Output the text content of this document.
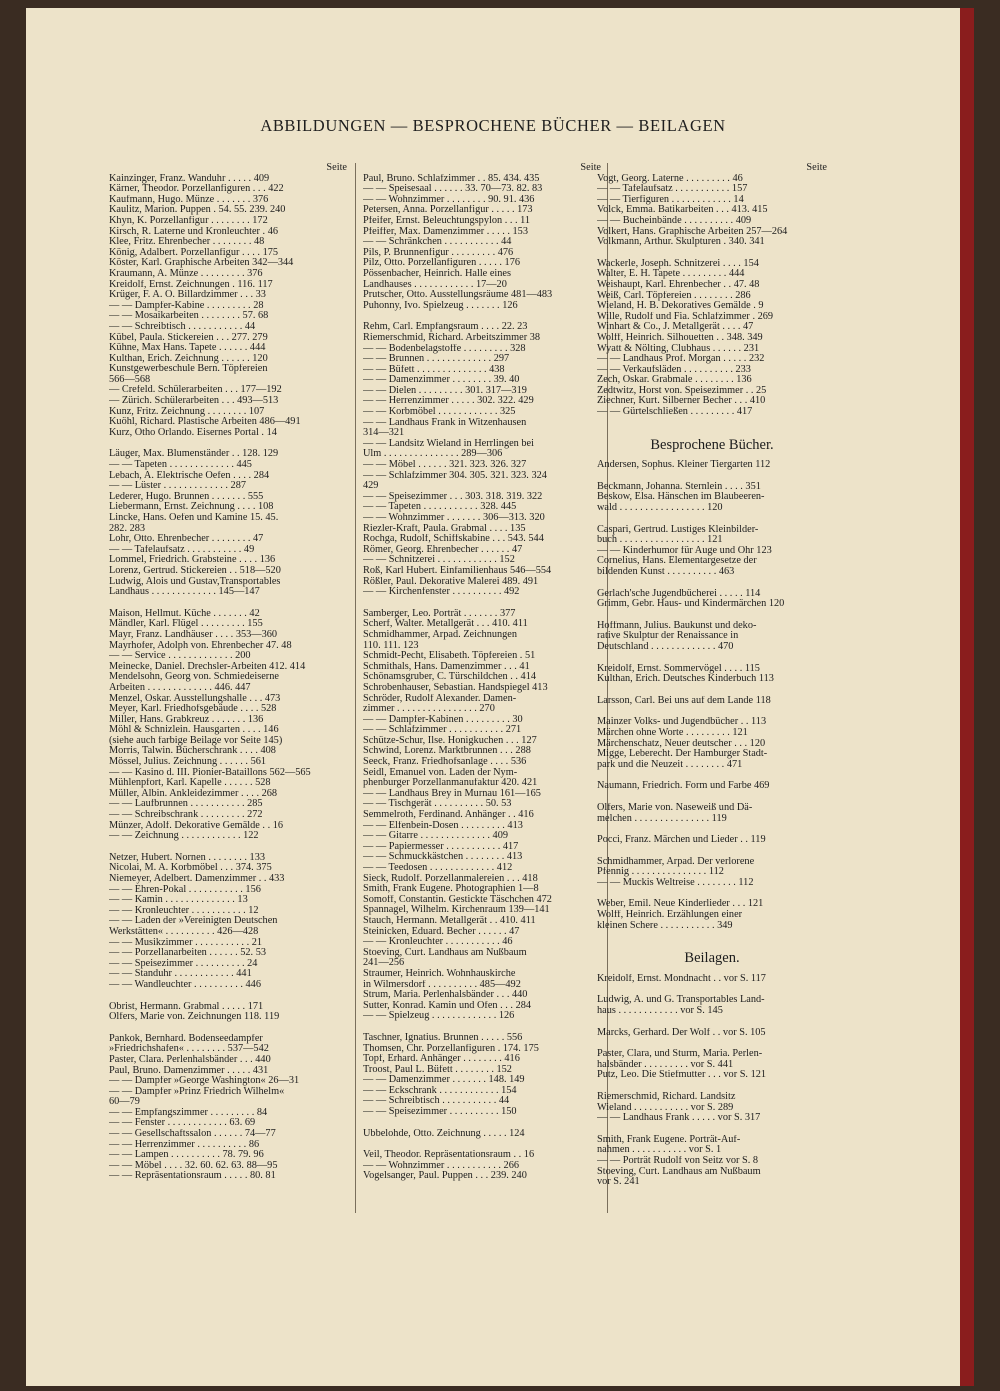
ABBILDUNGEN — BESPROCHENE BÜCHER — BEILAGEN
Seite
Kainzinger, Franz. Wanduhr . . . . . 409
Kärner, Theodor. Porzellanfiguren . . . 422
Kaufmann, Hugo. Münze . . . . . . . 376
Kaulitz, Marion. Puppen . 54. 55. 239. 240
Khyn, K. Porzellanfigur . . . . . . . . 172
Kirsch, R. Laterne und Kronleuchter . 46
Klee, Fritz. Ehrenbecher . . . . . . . . 48
König, Adalbert. Porzellanfigur . . . . 175
Köster, Karl. Graphische Arbeiten 342—344
Kraumann, A. Münze . . . . . . . . . 376
Kreidolf, Ernst. Zeichnungen . 116. 117
Krüger, F. A. O. Billardzimmer . . . 33
— — Dampfer-Kabine . . . . . . . . . 28
— — Mosaikarbeiten . . . . . . . . 57. 68
— — Schreibtisch . . . . . . . . . . . 44
Kübel, Paula. Stickereien . . . 277. 279
Kühne, Max Hans. Tapete . . . . . . 444
Kulthan, Erich. Zeichnung . . . . . . 120
Kunstgewerbeschule Bern. Töpfereien
566—568
— Crefeld. Schülerarbeiten . . . 177—192
— Zürich. Schülerarbeiten . . . 493—513
Kunz, Fritz. Zeichnung . . . . . . . . 107
Kuöhl, Richard. Plastische Arbeiten 486—491
Kurz, Otho Orlando. Eisernes Portal . 14
Läuger, Max. Blumenständer . . 128. 129
— — Tapeten . . . . . . . . . . . . . 445
Lebach, A. Elektrische Oefen . . . . 284
— — Lüster . . . . . . . . . . . . . 287
Lederer, Hugo. Brunnen . . . . . . . 555
Liebermann, Ernst. Zeichnung . . . . 108
Lincke, Hans. Oefen und Kamine 15. 45.
282. 283
Lohr, Otto. Ehrenbecher . . . . . . . . 47
— — Tafelaufsatz . . . . . . . . . . . 49
Lommel, Friedrich. Grabsteine . . . . 136
Lorenz, Gertrud. Stickereien . . 518—520
Ludwig, Alois und Gustav,Transportables
Landhaus . . . . . . . . . . . . . 145—147
Maison, Hellmut. Küche . . . . . . . 42
Mändler, Karl. Flügel . . . . . . . . . 155
Mayr, Franz. Landhäuser . . . . 353—360
Mayrhofer, Adolph von. Ehrenbecher 47. 48
— — Service . . . . . . . . . . . . . 200
Meinecke, Daniel. Drechsler-Arbeiten 412. 414
Mendelsohn, Georg von. Schmiedeiserne
Arbeiten . . . . . . . . . . . . . 446. 447
Menzel, Oskar. Ausstellungshalle . . . 473
Meyer, Karl. Friedhofsgebäude . . . . 528
Miller, Hans. Grabkreuz . . . . . . . 136
Möhl & Schnizlein. Hausgarten . . . . 146
(siehe auch farbige Beilage vor Seite 145)
Morris, Talwin. Bücherschrank . . . . 408
Mössel, Julius. Zeichnung . . . . . . 561
— — Kasino d. III. Pionier-Bataillons 562—565
Mühlenpfort, Karl. Kapelle . . . . . . 528
Müller, Albin. Ankleidezimmer . . . . 268
— — Laufbrunnen . . . . . . . . . . . 285
— — Schreibschrank . . . . . . . . . 272
Münzer, Adolf. Dekorative Gemälde . . 16
— — Zeichnung . . . . . . . . . . . . 122
Netzer, Hubert. Nornen . . . . . . . . 133
Nicolai, M. A. Korbmöbel . . . 374. 375
Niemeyer, Adelbert. Damenzimmer . . 433
— — Ehren-Pokal . . . . . . . . . . . 156
— — Kamin . . . . . . . . . . . . . . 13
— — Kronleuchter . . . . . . . . . . . 12
— — Laden der »Vereinigten Deutschen
Werkstätten« . . . . . . . . . . 426—428
— — Musikzimmer . . . . . . . . . . . 21
— — Porzellanarbeiten . . . . . . 52. 53
— — Speisezimmer . . . . . . . . . . 24
— — Standuhr . . . . . . . . . . . . 441
— — Wandleuchter . . . . . . . . . . 446
Obrist, Hermann. Grabmal . . . . . 171
Olfers, Marie von. Zeichnungen 118. 119
Pankok, Bernhard. Bodenseedampfer
»Friedrichshafen« . . . . . . . . 537—542
Paster, Clara. Perlenhalsbänder . . . 440
Paul, Bruno. Damenzimmer . . . . . 431
— — Dampfer »George Washington« 26—31
— — Dampfer »Prinz Friedrich Wilhelm«
60—79
— — Empfangszimmer . . . . . . . . . 84
— — Fenster . . . . . . . . . . . . 63. 69
— — Gesellschaftssalon . . . . . . 74—77
— — Herrenzimmer . . . . . . . . . . 86
— — Lampen . . . . . . . . . . 78. 79. 96
— — Möbel . . . . 32. 60. 62. 63. 88—95
— — Repräsentationsraum . . . . . 80. 81
Seite
Paul, Bruno. Schlafzimmer . . 85. 434. 435
— — Speisesaal . . . . . . 33. 70—73. 82. 83
— — Wohnzimmer . . . . . . . . 90. 91. 436
Petersen, Anna. Porzellanfigur . . . . . 173
Pfeifer, Ernst. Beleuchtungspylon . . . 11
Pfeiffer, Max. Damenzimmer . . . . . 153
— — Schränkchen . . . . . . . . . . . 44
Pils, P. Brunnenfigur . . . . . . . . . 476
Pilz, Otto. Porzellanfiguren . . . . . 176
Pössenbacher, Heinrich. Halle eines
Landhauses . . . . . . . . . . . . 17—20
Prutscher, Otto. Ausstellungsräume 481—483
Puhonny, Ivo. Spielzeug . . . . . . . 126
Rehm, Carl. Empfangsraum . . . . 22. 23
Riemerschmid, Richard. Arbeitszimmer 38
— — Bodenbelagstoffe . . . . . . . . . 328
— — Brunnen . . . . . . . . . . . . . 297
— — Büfett . . . . . . . . . . . . . . 438
— — Damenzimmer . . . . . . . . 39. 40
— — Dielen . . . . . . . . . 301. 317—319
— — Herrenzimmer . . . . . 302. 322. 429
— — Korbmöbel . . . . . . . . . . . . 325
— — Landhaus Frank in Witzenhausen
314—321
— — Landsitz Wieland in Herrlingen bei
Ulm . . . . . . . . . . . . . . . 289—306
— — Möbel . . . . . . 321. 323. 326. 327
— — Schlafzimmer 304. 305. 321. 323. 324
429
— — Speisezimmer . . . 303. 318. 319. 322
— — Tapeten . . . . . . . . . . . 328. 445
— — Wohnzimmer . . . . . . . 306—313. 320
Riezler-Kraft, Paula. Grabmal . . . . 135
Rochga, Rudolf, Schiffskabine . . . 543. 544
Römer, Georg. Ehrenbecher . . . . . . 47
— — Schnitzerei . . . . . . . . . . . . 152
Roß, Karl Hubert. Einfamilienhaus 546—554
Rößler, Paul. Dekorative Malerei 489. 491
— — Kirchenfenster . . . . . . . . . . 492
Samberger, Leo. Porträt . . . . . . . 377
Scherf, Walter. Metallgerät . . . 410. 411
Schmidhammer, Arpad. Zeichnungen
110. 111. 123
Schmidt-Pecht, Elisabeth. Töpfereien . 51
Schmithals, Hans. Damenzimmer . . . 41
Schönamsgruber, C. Türschildchen . . 414
Schrobenhauser, Sebastian. Handspiegel 413
Schröder, Rudolf Alexander. Damen-
zimmer . . . . . . . . . . . . . . . . 270
— — Dampfer-Kabinen . . . . . . . . . 30
— — Schlafzimmer . . . . . . . . . . . 271
Schütze-Schur, Ilse. Honigkuchen . . . 127
Schwind, Lorenz. Marktbrunnen . . . 288
Seeck, Franz. Friedhofsanlage . . . . 536
Seidl, Emanuel von. Laden der Nym-
phenburger Porzellanmanufaktur 420. 421
— — Landhaus Brey in Murnau 161—165
— — Tischgerät . . . . . . . . . . 50. 53
Semmelroth, Ferdinand. Anhänger . . 416
— — Elfenbein-Dosen . . . . . . . . . 413
— — Gitarre . . . . . . . . . . . . . . 409
— — Papiermesser . . . . . . . . . . . 417
— — Schmuckkästchen . . . . . . . . 413
— — Teedosen . . . . . . . . . . . . . 412
Sieck, Rudolf. Porzellanmalereien . . . 418
Smith, Frank Eugene. Photographien 1—8
Somoff, Constantin. Gestickte Täschchen 472
Spannagel, Wilhelm. Kirchenraum 139—141
Stauch, Hermann. Metallgerät . . 410. 411
Steinicken, Eduard. Becher . . . . . . 47
— — Kronleuchter . . . . . . . . . . . 46
Stoeving, Curt. Landhaus am Nußbaum
241—256
Straumer, Heinrich. Wohnhauskirche
in Wilmersdorf . . . . . . . . . . 485—492
Strum, Maria. Perlenhalsbänder . . . 440
Sutter, Konrad. Kamin und Ofen . . . 284
— — Spielzeug . . . . . . . . . . . . . 126
Taschner, Ignatius. Brunnen . . . . . 556
Thomsen, Chr. Porzellanfiguren . 174. 175
Topf, Erhard. Anhänger . . . . . . . . 416
Troost, Paul L. Büfett . . . . . . . . 152
— — Damenzimmer . . . . . . . 148. 149
— — Eckschrank . . . . . . . . . . . . 154
— — Schreibtisch . . . . . . . . . . . 44
— — Speisezimmer . . . . . . . . . . 150
Ubbelohde, Otto. Zeichnung . . . . . 124
Veil, Theodor. Repräsentationsraum . . 16
— — Wohnzimmer . . . . . . . . . . . 266
Vogelsanger, Paul. Puppen . . . 239. 240
Seite
Vogt, Georg. Laterne . . . . . . . . . 46
— — Tafelaufsatz . . . . . . . . . . . 157
— — Tierfiguren . . . . . . . . . . . . 14
Volck, Emma. Batikarbeiten . . . 413. 415
— — Bucheinbände . . . . . . . . . . 409
Volkert, Hans. Graphische Arbeiten 257—264
Volkmann, Arthur. Skulpturen . 340. 341
Wackerle, Joseph. Schnitzerei . . . . 154
Walter, E. H. Tapete . . . . . . . . . 444
Weishaupt, Karl. Ehrenbecher . . 47. 48
Weiß, Carl. Töpfereien . . . . . . . . 286
Wieland, H. B. Dekoratives Gemälde . 9
Wille, Rudolf und Fia. Schlafzimmer . 269
Winhart & Co., J. Metallgerät . . . . 47
Wolff, Heinrich. Silhouetten . . 348. 349
Wyatt & Nölting, Clubhaus . . . . . . 231
— — Landhaus Prof. Morgan . . . . . 232
— — Verkaufsläden . . . . . . . . . . 233
Zech, Oskar. Grabmale . . . . . . . . 136
Zedtwitz, Horst von. Speisezimmer . . 25
Ziechner, Kurt. Silberner Becher . . . 410
— — Gürtelschließen . . . . . . . . . 417
Besprochene Bücher.
Andersen, Sophus. Kleiner Tiergarten 112
Beckmann, Johanna. Sternlein . . . . 351
Beskow, Elsa. Hänschen im Blaubeeren-
wald . . . . . . . . . . . . . . . . . 120
Caspari, Gertrud. Lustiges Kleinbilder-
buch . . . . . . . . . . . . . . . . . 121
— — Kinderhumor für Auge und Ohr 123
Cornelius, Hans. Elementargesetze der
bildenden Kunst . . . . . . . . . . 463
Gerlach'sche Jugendbücherei . . . . . 114
Grimm, Gebr. Haus- und Kindermärchen 120
Hoffmann, Julius. Baukunst und deko-
rative Skulptur der Renaissance in
Deutschland . . . . . . . . . . . . . 470
Kreidolf, Ernst. Sommervögel . . . . 115
Kulthan, Erich. Deutsches Kinderbuch 113
Larsson, Carl. Bei uns auf dem Lande 118
Mainzer Volks- und Jugendbücher . . 113
Märchen ohne Worte . . . . . . . . . 121
Märchenschatz, Neuer deutscher . . . 120
Migge, Leberecht. Der Hamburger Stadt-
park und die Neuzeit . . . . . . . . 471
Naumann, Friedrich. Form und Farbe 469
Olfers, Marie von. Naseweiß und Dä-
melchen . . . . . . . . . . . . . . . 119
Pocci, Franz. Märchen und Lieder . . 119
Schmidhammer, Arpad. Der verlorene
Pfennig . . . . . . . . . . . . . . . 112
— — Muckis Weltreise . . . . . . . . 112
Weber, Emil. Neue Kinderlieder . . . 121
Wolff, Heinrich. Erzählungen einer
kleinen Schere . . . . . . . . . . . 349
Beilagen.
Kreidolf, Ernst. Mondnacht . . vor S. 117
Ludwig, A. und G. Transportables Land-
haus . . . . . . . . . . . . vor S. 145
Marcks, Gerhard. Der Wolf . . vor S. 105
Paster, Clara, und Sturm, Maria. Perlen-
halsbänder . . . . . . . . . vor S. 441
Putz, Leo. Die Stiefmutter . . . vor S. 121
Riemerschmid, Richard. Landsitz
Wieland . . . . . . . . . . . vor S. 289
— — Landhaus Frank . . . . . vor S. 317
Smith, Frank Eugene. Porträt-Auf-
nahmen . . . . . . . . . . . vor S. 1
— — Porträt Rudolf von Seitz vor S. 8
Stoeving, Curt. Landhaus am Nußbaum
vor S. 241
